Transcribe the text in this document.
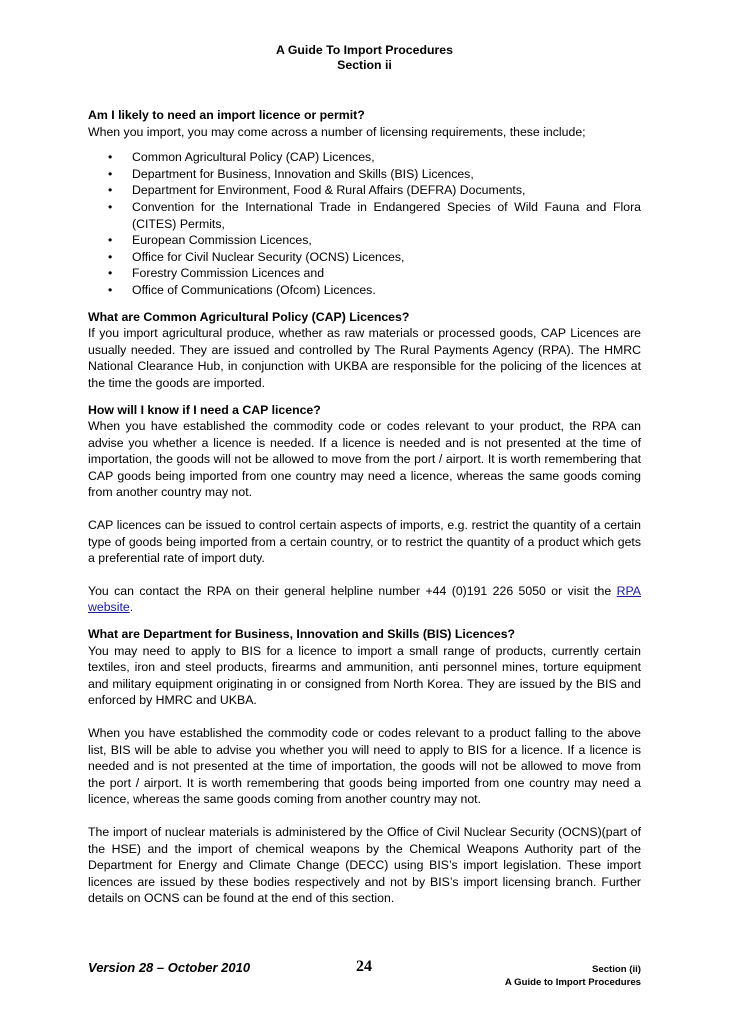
A Guide To Import Procedures
Section ii
Am I likely to need an import licence or permit?

When you import, you may come across a number of licensing requirements, these include;

• Common Agricultural Policy (CAP) Licences,
• Department for Business, Innovation and Skills (BIS) Licences,
• Department for Environment, Food & Rural Affairs (DEFRA) Documents,
• Convention for the International Trade in Endangered Species of Wild Fauna and Flora (CITES) Permits,
• European Commission Licences,
• Office for Civil Nuclear Security (OCNS) Licences,
• Forestry Commission Licences and
• Office of Communications (Ofcom) Licences.
What are Common Agricultural Policy (CAP) Licences?

If you import agricultural produce, whether as raw materials or processed goods, CAP Licences are usually needed. They are issued and controlled by The Rural Payments Agency (RPA). The HMRC National Clearance Hub, in conjunction with UKBA are responsible for the policing of the licences at the time the goods are imported.

How will I know if I need a CAP licence?

When you have established the commodity code or codes relevant to your product, the RPA can advise you whether a licence is needed. If a licence is needed and is not presented at the time of importation, the goods will not be allowed to move from the port / airport. It is worth remembering that CAP goods being imported from one country may need a licence, whereas the same goods coming from another country may not.

CAP licences can be issued to control certain aspects of imports, e.g. restrict the quantity of a certain type of goods being imported from a certain country, or to restrict the quantity of a product which gets a preferential rate of import duty.

You can contact the RPA on their general helpline number +44 (0)191 226 5050 or visit the RPA website.

What are Department for Business, Innovation and Skills (BIS) Licences?

You may need to apply to BIS for a licence to import a small range of products, currently certain textiles, iron and steel products, firearms and ammunition, anti personnel mines, torture equipment and military equipment originating in or consigned from North Korea. They are issued by the BIS and enforced by HMRC and UKBA.

When you have established the commodity code or codes relevant to a product falling to the above list, BIS will be able to advise you whether you will need to apply to BIS for a licence. If a licence is needed and is not presented at the time of importation, the goods will not be allowed to move from the port / airport. It is worth remembering that goods being imported from one country may need a licence, whereas the same goods coming from another country may not.

The import of nuclear materials is administered by the Office of Civil Nuclear Security (OCNS)(part of the HSE) and the import of chemical weapons by the Chemical Weapons Authority part of the Department for Energy and Climate Change (DECC) using BIS’s import legislation. These import licences are issued by these bodies respectively and not by BIS’s import licensing branch. Further details on OCNS can be found at the end of this section.

Version 28 – October 2010	24	Section (ii)
A Guide to Import Procedures
